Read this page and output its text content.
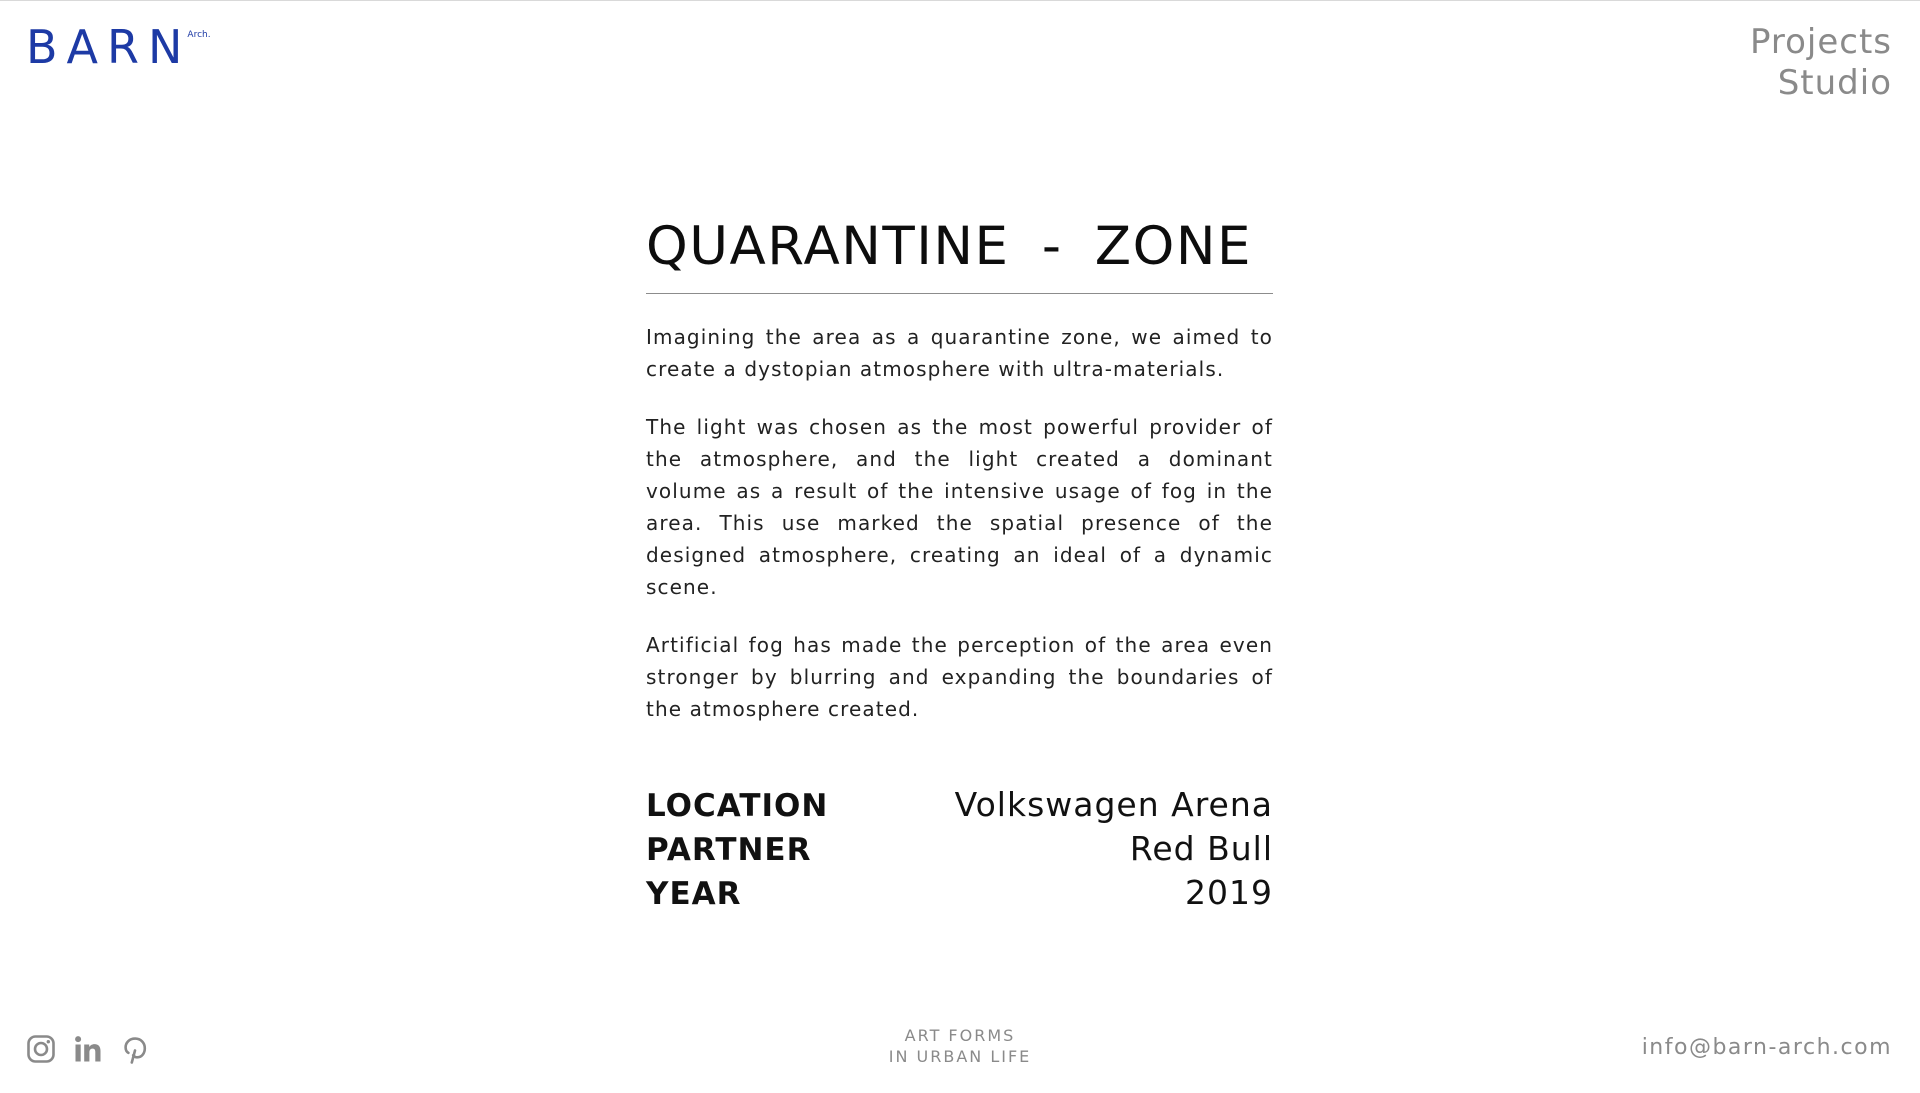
BARN
Arch.	Projects
Studio
QUARANTINE - ZONE

Imagining the area as a quarantine zone, we aimed to create a dystopian atmosphere with ultra-materials.

The light was chosen as the most powerful provider of the atmosphere, and the light created a dominant volume as a result of the intensive usage of fog in the area. This use marked the spatial presence of the designed atmosphere, creating an ideal of a dynamic scene.

Artificial fog has made the perception of the area even stronger by blurring and expanding the boundaries of the atmosphere created.

LOCATION	Volkswagen Arena
PARTNER	Red Bull
YEAR	2019
ART FORMS
IN URBAN LIFE	info@barn-arch.com
